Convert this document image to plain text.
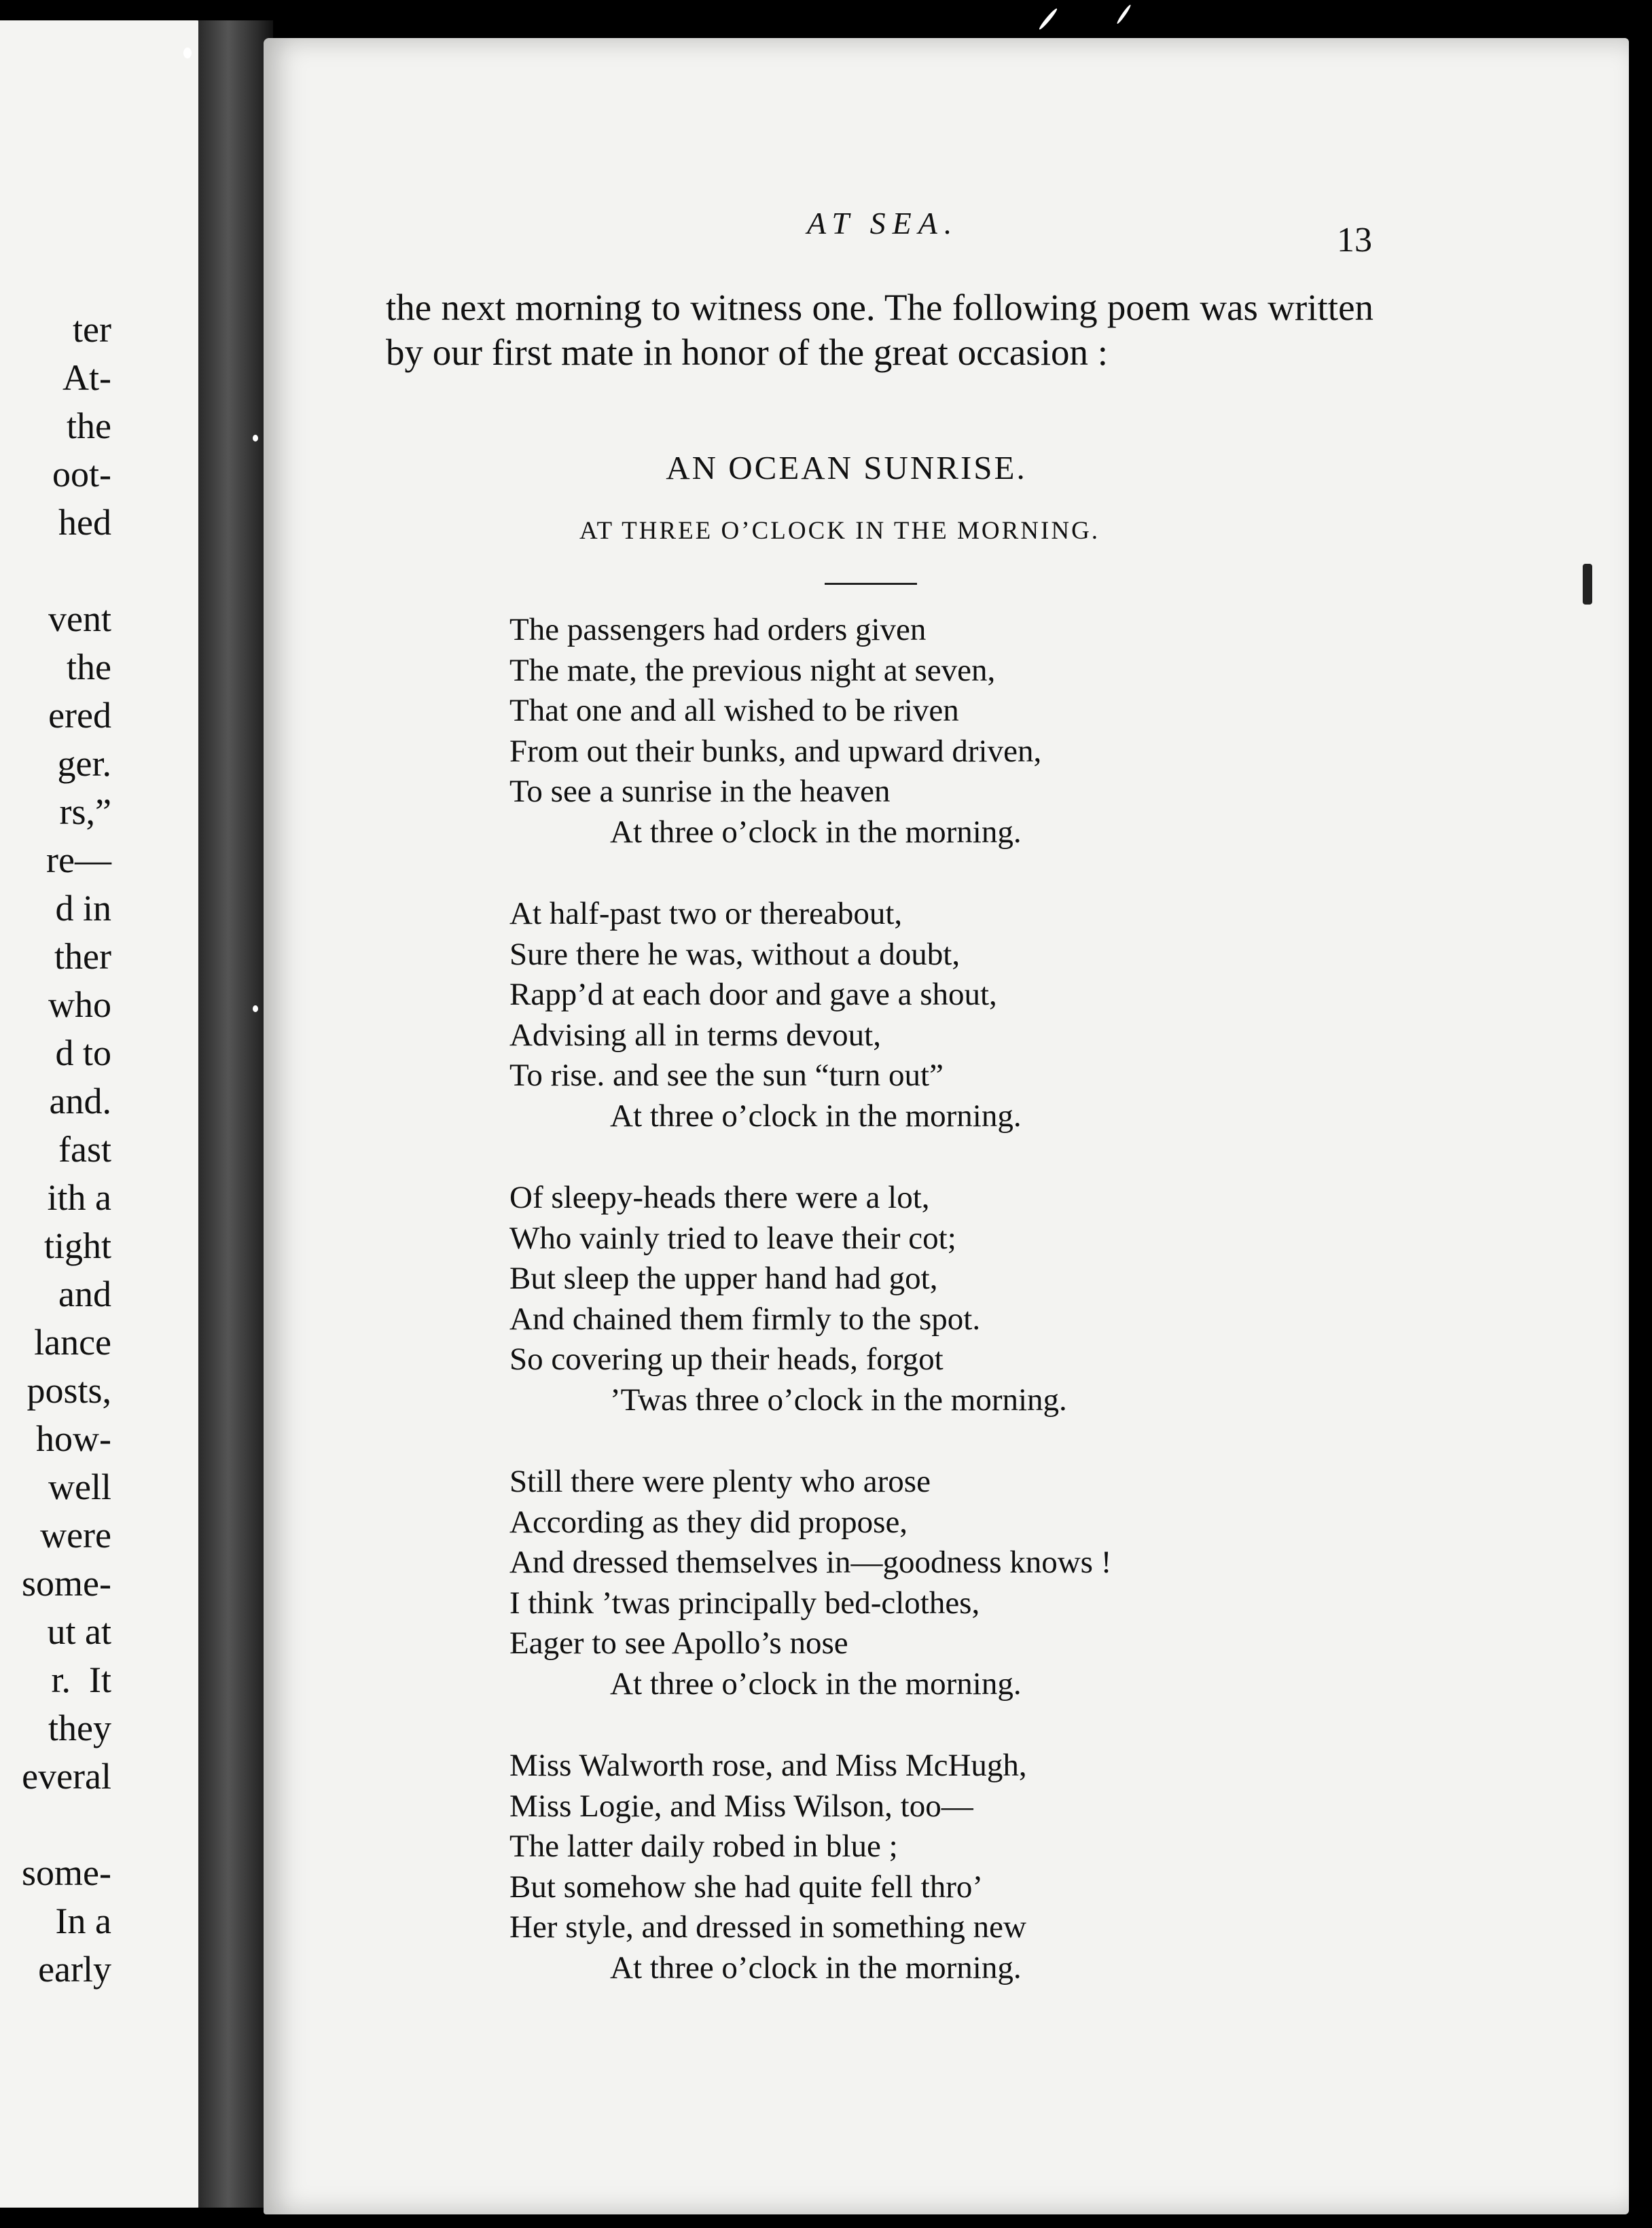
ter
At-
the
oot-
hed
vent
the
ered
ger.
rs,”
re—
d in
ther
who
d to
and.
fast
ith a
tight
and
lance
posts,
how-
well
were
some-
ut at
r.  It
they
everal
some-
In a
early
AT SEA.	13
the next morning to witness one. The following poem was written by our first mate in honor of the great occasion :
AN OCEAN SUNRISE.
AT THREE O’CLOCK IN THE MORNING.
The passengers had orders given
The mate, the previous night at seven,
That one and all wished to be riven
From out their bunks, and upward driven,
To see a sunrise in the heaven
At three o’clock in the morning.
At half-past two or thereabout,
Sure there he was, without a doubt,
Rapp’d at each door and gave a shout,
Advising all in terms devout,
To rise. and see the sun “turn out”
At three o’clock in the morning.
Of sleepy-heads there were a lot,
Who vainly tried to leave their cot;
But sleep the upper hand had got,
And chained them firmly to the spot.
So covering up their heads, forgot
’Twas three o’clock in the morning.
Still there were plenty who arose
According as they did propose,
And dressed themselves in—goodness knows !
I think ’twas principally bed-clothes,
Eager to see Apollo’s nose
At three o’clock in the morning.
Miss Walworth rose, and Miss McHugh,
Miss Logie, and Miss Wilson, too—
The latter daily robed in blue ;
But somehow she had quite fell thro’
Her style, and dressed in something new
At three o’clock in the morning.
